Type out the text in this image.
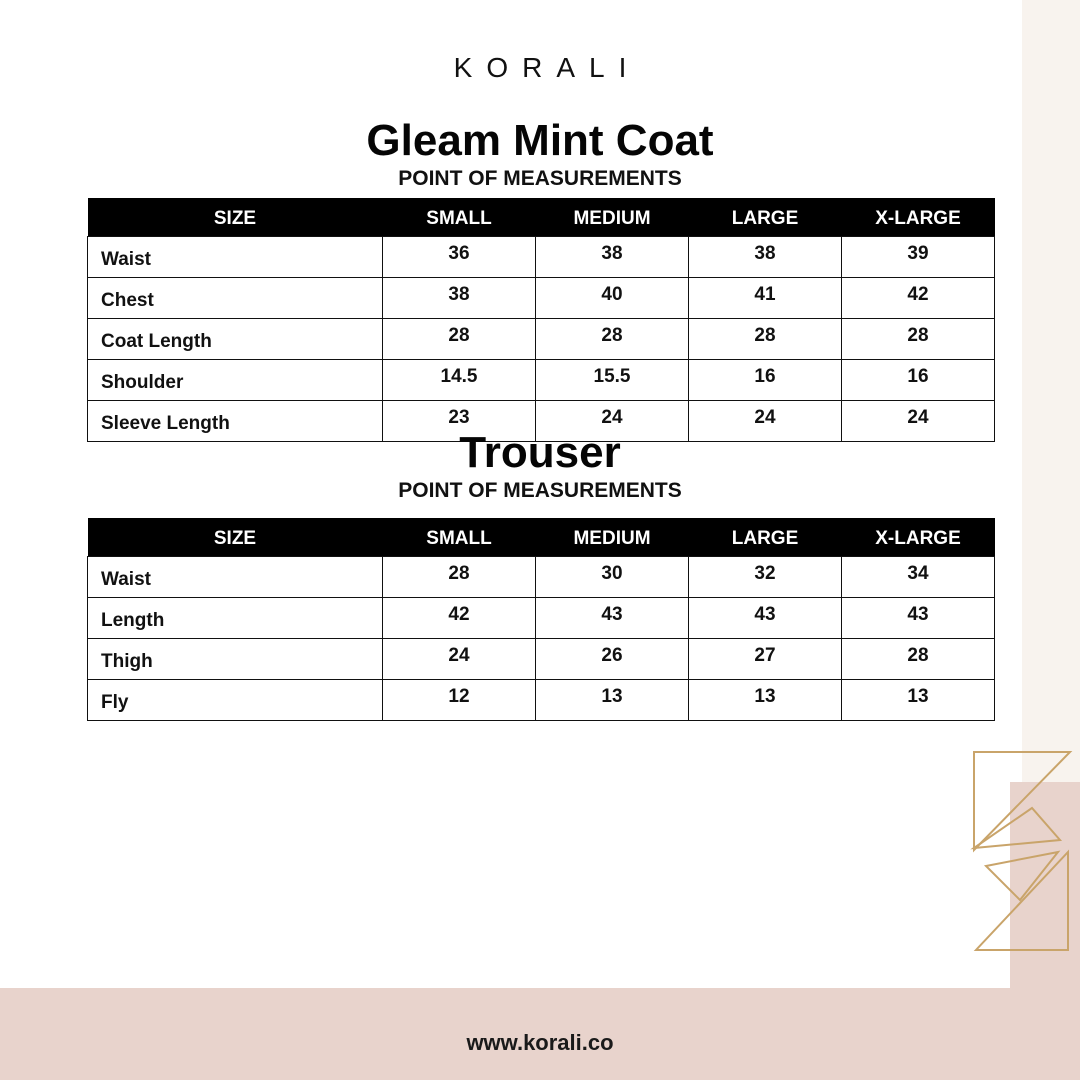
KORALI
Gleam Mint Coat
POINT OF MEASUREMENTS
SIZE	SMALL	MEDIUM	LARGE	X-LARGE
Waist	36	38	38	39
Chest	38	40	41	42
Coat Length	28	28	28	28
Shoulder	14.5	15.5	16	16
Sleeve Length	23	24	24	24
Trouser
POINT OF MEASUREMENTS
SIZE	SMALL	MEDIUM	LARGE	X-LARGE
Waist	28	30	32	34
Length	42	43	43	43
Thigh	24	26	27	28
Fly	12	13	13	13
www.korali.co
